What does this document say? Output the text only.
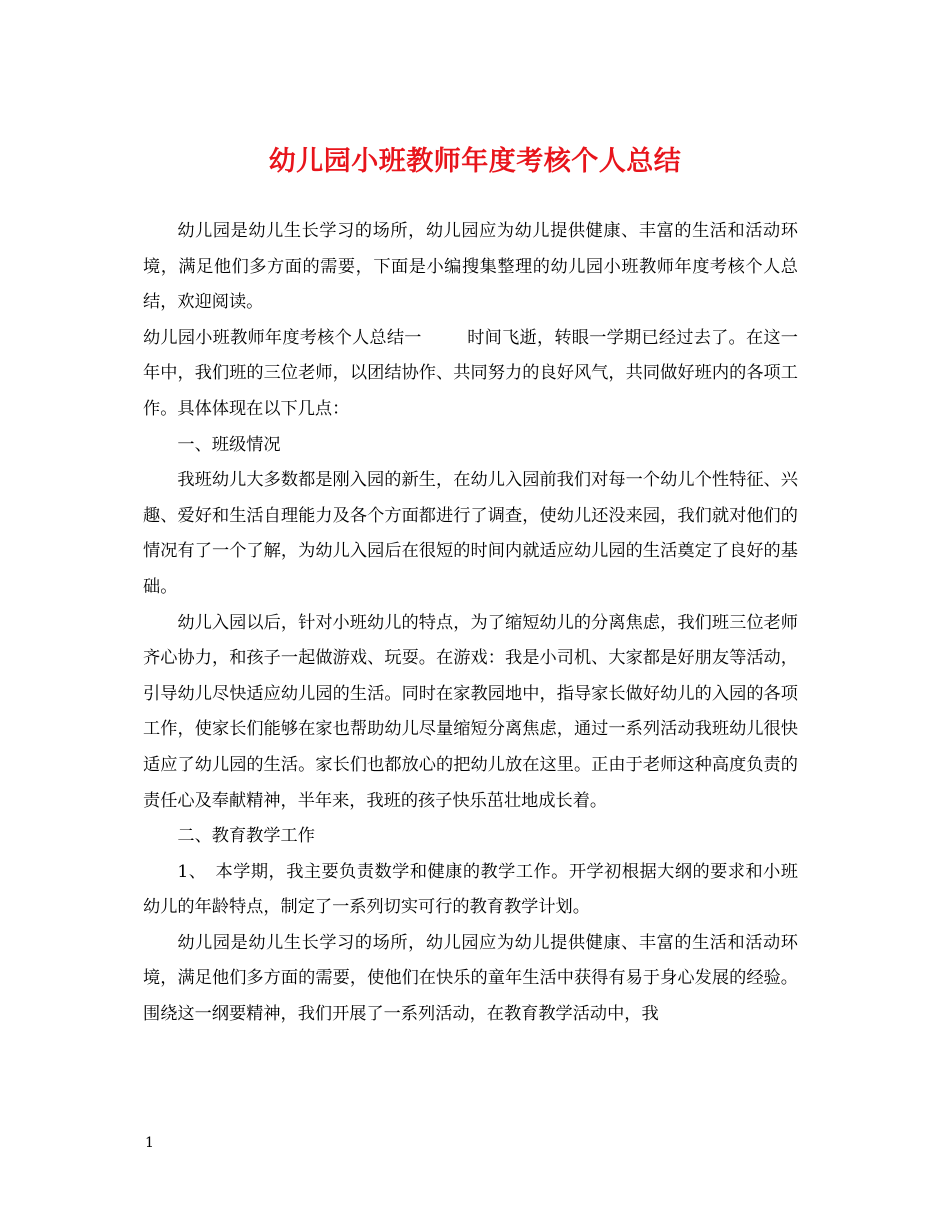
幼儿园小班教师年度考核个人总结

幼儿园是幼儿生长学习的场所，幼儿园应为幼儿提供健康、丰富的生活和活动环境，满足他们多方面的需要，下面是小编搜集整理的幼儿园小班教师年度考核个人总结，欢迎阅读。

幼儿园小班教师年度考核个人总结一	时间飞逝，转眼一学期已经过去了。在这一年中，我们班的三位老师，以团结协作、共同努力的良好风气，共同做好班内的各项工作。具体体现在以下几点：

一、班级情况

我班幼儿大多数都是刚入园的新生，在幼儿入园前我们对每一个幼儿个性特征、兴趣、爱好和生活自理能力及各个方面都进行了调查，使幼儿还没来园，我们就对他们的情况有了一个了解，为幼儿入园后在很短的时间内就适应幼儿园的生活奠定了良好的基础。

幼儿入园以后，针对小班幼儿的特点，为了缩短幼儿的分离焦虑，我们班三位老师齐心协力，和孩子一起做游戏、玩耍。在游戏：我是小司机、大家都是好朋友等活动，引导幼儿尽快适应幼儿园的生活。同时在家教园地中，指导家长做好幼儿的入园的各项工作，使家长们能够在家也帮助幼儿尽量缩短分离焦虑，通过一系列活动我班幼儿很快适应了幼儿园的生活。家长们也都放心的把幼儿放在这里。正由于老师这种高度负责的责任心及奉献精神，半年来，我班的孩子快乐茁壮地成长着。

二、教育教学工作

1、　本学期，我主要负责数学和健康的教学工作。开学初根据大纲的要求和小班幼儿的年龄特点，制定了一系列切实可行的教育教学计划。

幼儿园是幼儿生长学习的场所，幼儿园应为幼儿提供健康、丰富的生活和活动环境，满足他们多方面的需要，使他们在快乐的童年生活中获得有易于身心发展的经验。围绕这一纲要精神，我们开展了一系列活动，在教育教学活动中，我

1
